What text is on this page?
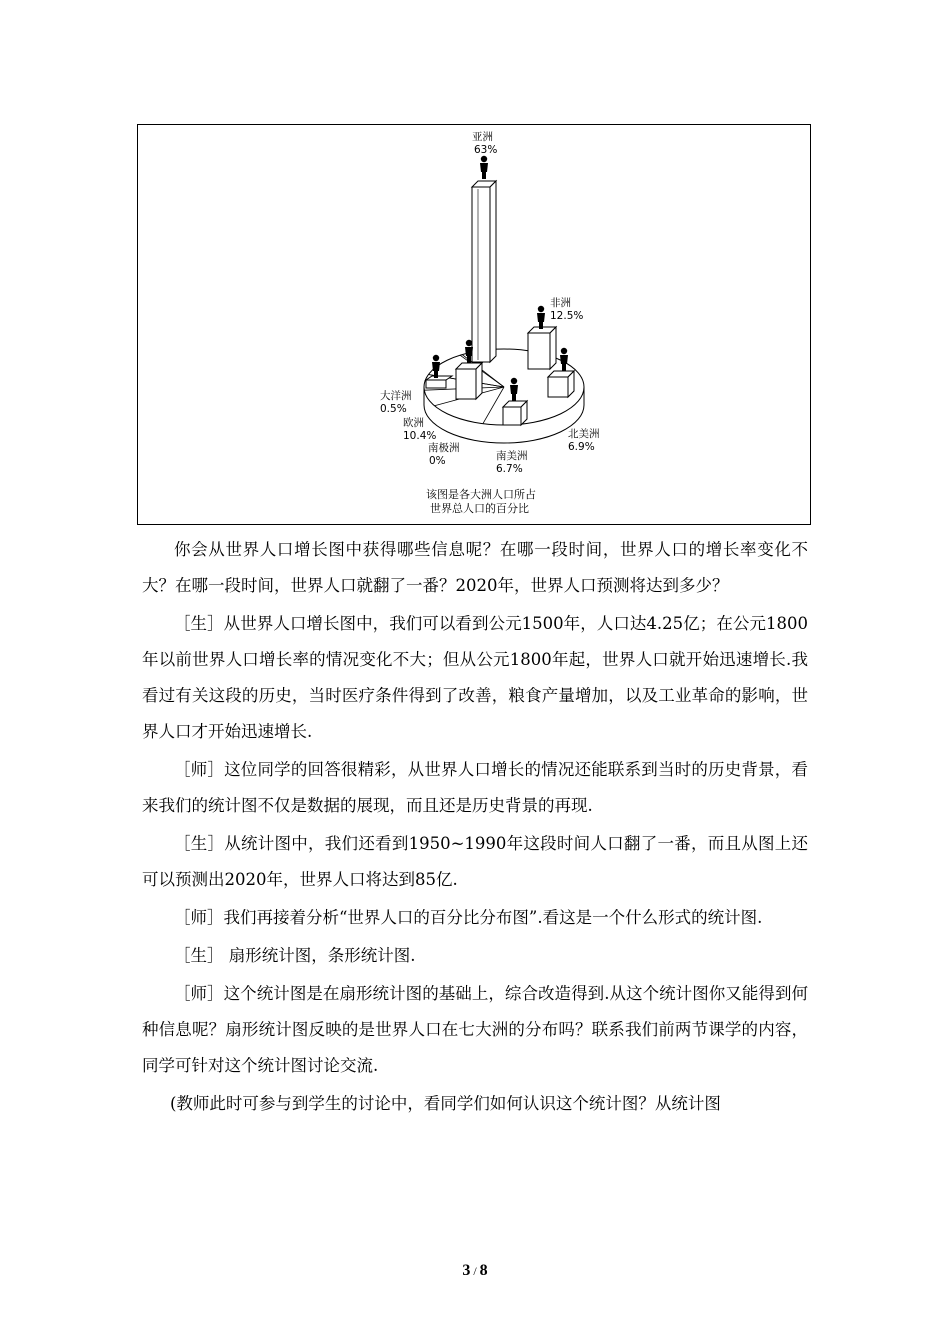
亚洲
63%
非洲
12.5%
北美洲
6.9%
南美洲
6.7%
南极洲
0%
欧洲
10.4%
大洋洲
0.5%
该图是各大洲人口所占
世界总人口的百分比

你会从世界人口增长图中获得哪些信息呢？在哪一段时间，世界人口的增长率变化不大？在哪一段时间，世界人口就翻了一番？2020年，世界人口预测将达到多少？

［生］从世界人口增长图中，我们可以看到公元1500年，人口达4.25亿；在公元1800年以前世界人口增长率的情况变化不大；但从公元1800年起，世界人口就开始迅速增长.我看过有关这段的历史，当时医疗条件得到了改善，粮食产量增加，以及工业革命的影响，世界人口才开始迅速增长.

［师］这位同学的回答很精彩，从世界人口增长的情况还能联系到当时的历史背景，看来我们的统计图不仅是数据的展现，而且还是历史背景的再现.

［生］从统计图中，我们还看到1950~1990年这段时间人口翻了一番，而且从图上还可以预测出2020年，世界人口将达到85亿.

［师］我们再接着分析“世界人口的百分比分布图”.看这是一个什么形式的统计图.

［生］ 扇形统计图，条形统计图.

［师］这个统计图是在扇形统计图的基础上，综合改造得到.从这个统计图你又能得到何种信息呢？扇形统计图反映的是世界人口在七大洲的分布吗？联系我们前两节课学的内容，同学可针对这个统计图讨论交流.

(教师此时可参与到学生的讨论中，看同学们如何认识这个统计图？从统计图

3 / 8
